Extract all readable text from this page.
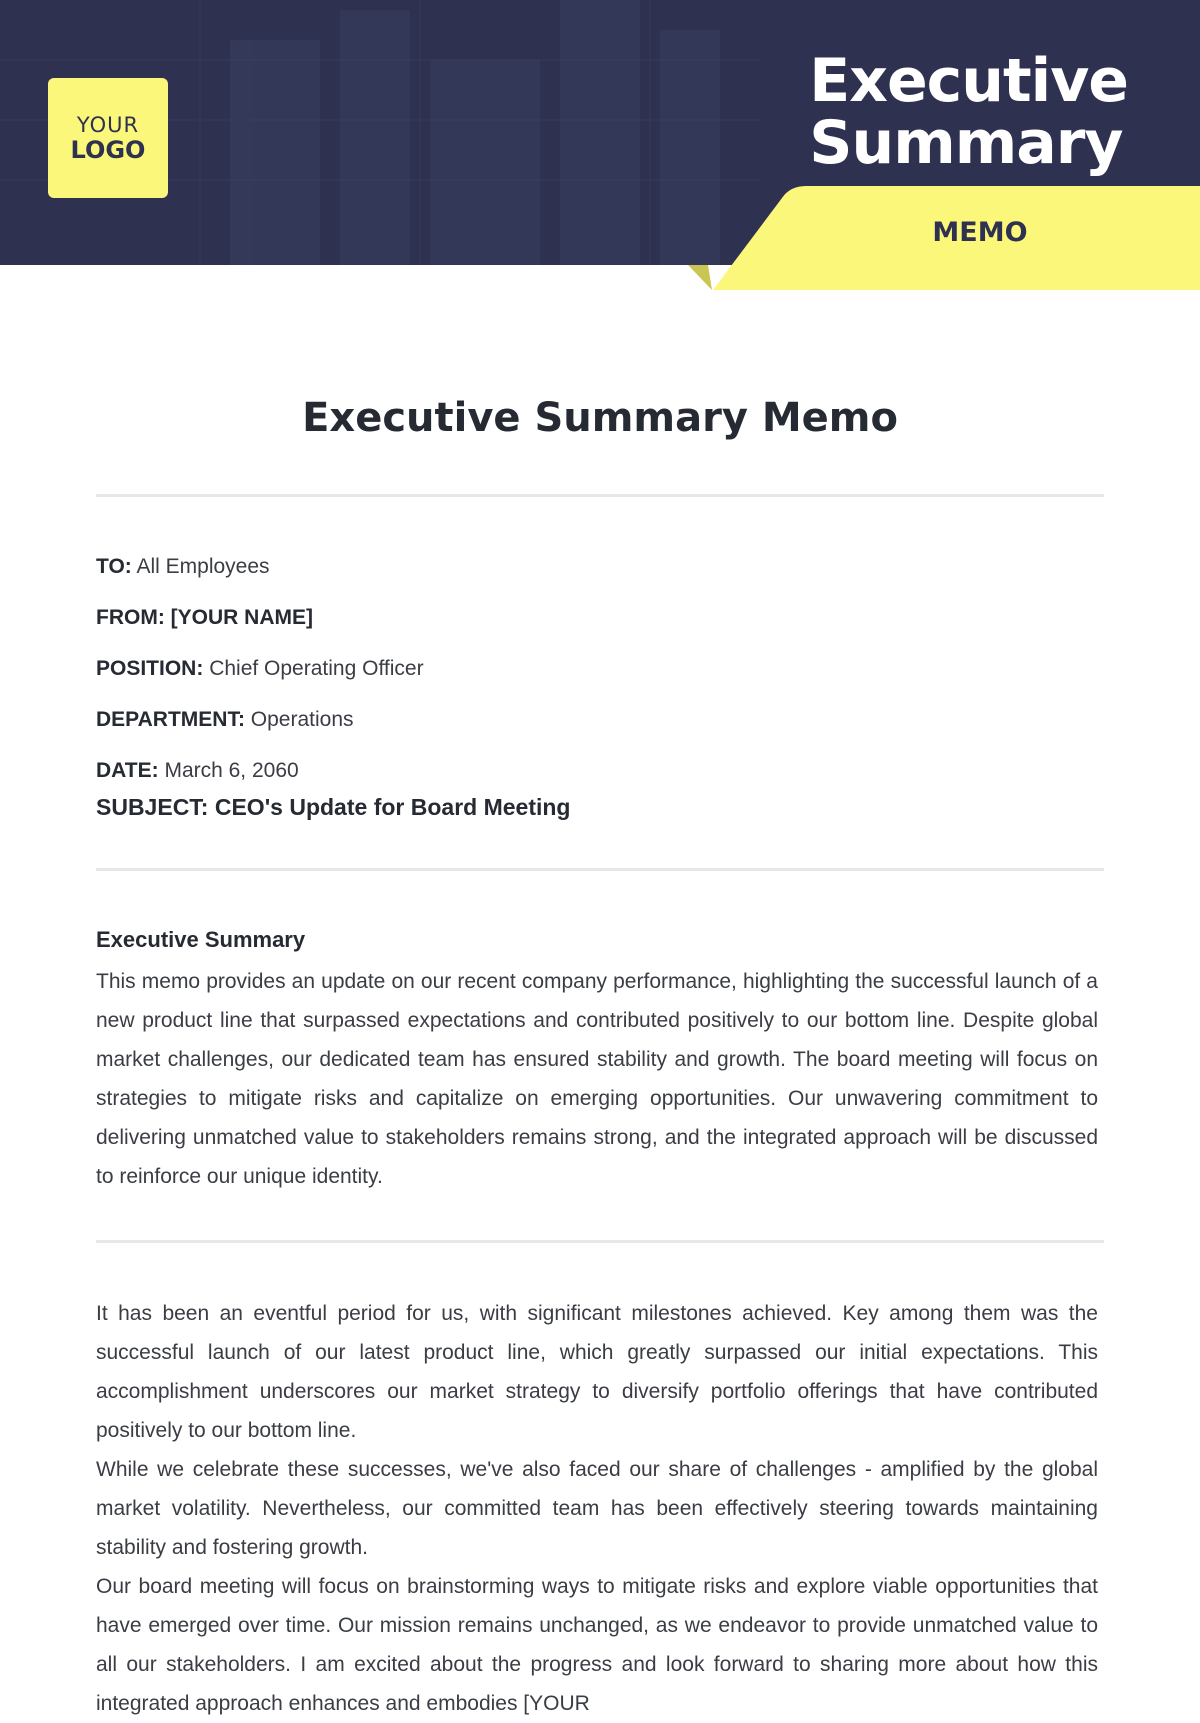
YOUR
LOGO
Executive
Summary
MEMO
Executive Summary Memo
TO: All Employees
FROM: [YOUR NAME]
POSITION: Chief Operating Officer
DEPARTMENT: Operations
DATE: March 6, 2060
SUBJECT: CEO's Update for Board Meeting
Executive Summary

This memo provides an update on our recent company performance, highlighting the successful launch of a new product line that surpassed expectations and contributed positively to our bottom line. Despite global market challenges, our dedicated team has ensured stability and growth. The board meeting will focus on strategies to mitigate risks and capitalize on emerging opportunities. Our unwavering commitment to delivering unmatched value to stakeholders remains strong, and the integrated approach will be discussed to reinforce our unique identity.

It has been an eventful period for us, with significant milestones achieved. Key among them was the successful launch of our latest product line, which greatly surpassed our initial expectations. This accomplishment underscores our market strategy to diversify portfolio offerings that have contributed positively to our bottom line.

While we celebrate these successes, we've also faced our share of challenges - amplified by the global market volatility. Nevertheless, our committed team has been effectively steering towards maintaining stability and fostering growth.

Our board meeting will focus on brainstorming ways to mitigate risks and explore viable opportunities that have emerged over time. Our mission remains unchanged, as we endeavor to provide unmatched value to all our stakeholders. I am excited about the progress and look forward to sharing more about how this integrated approach enhances and embodies [YOUR
